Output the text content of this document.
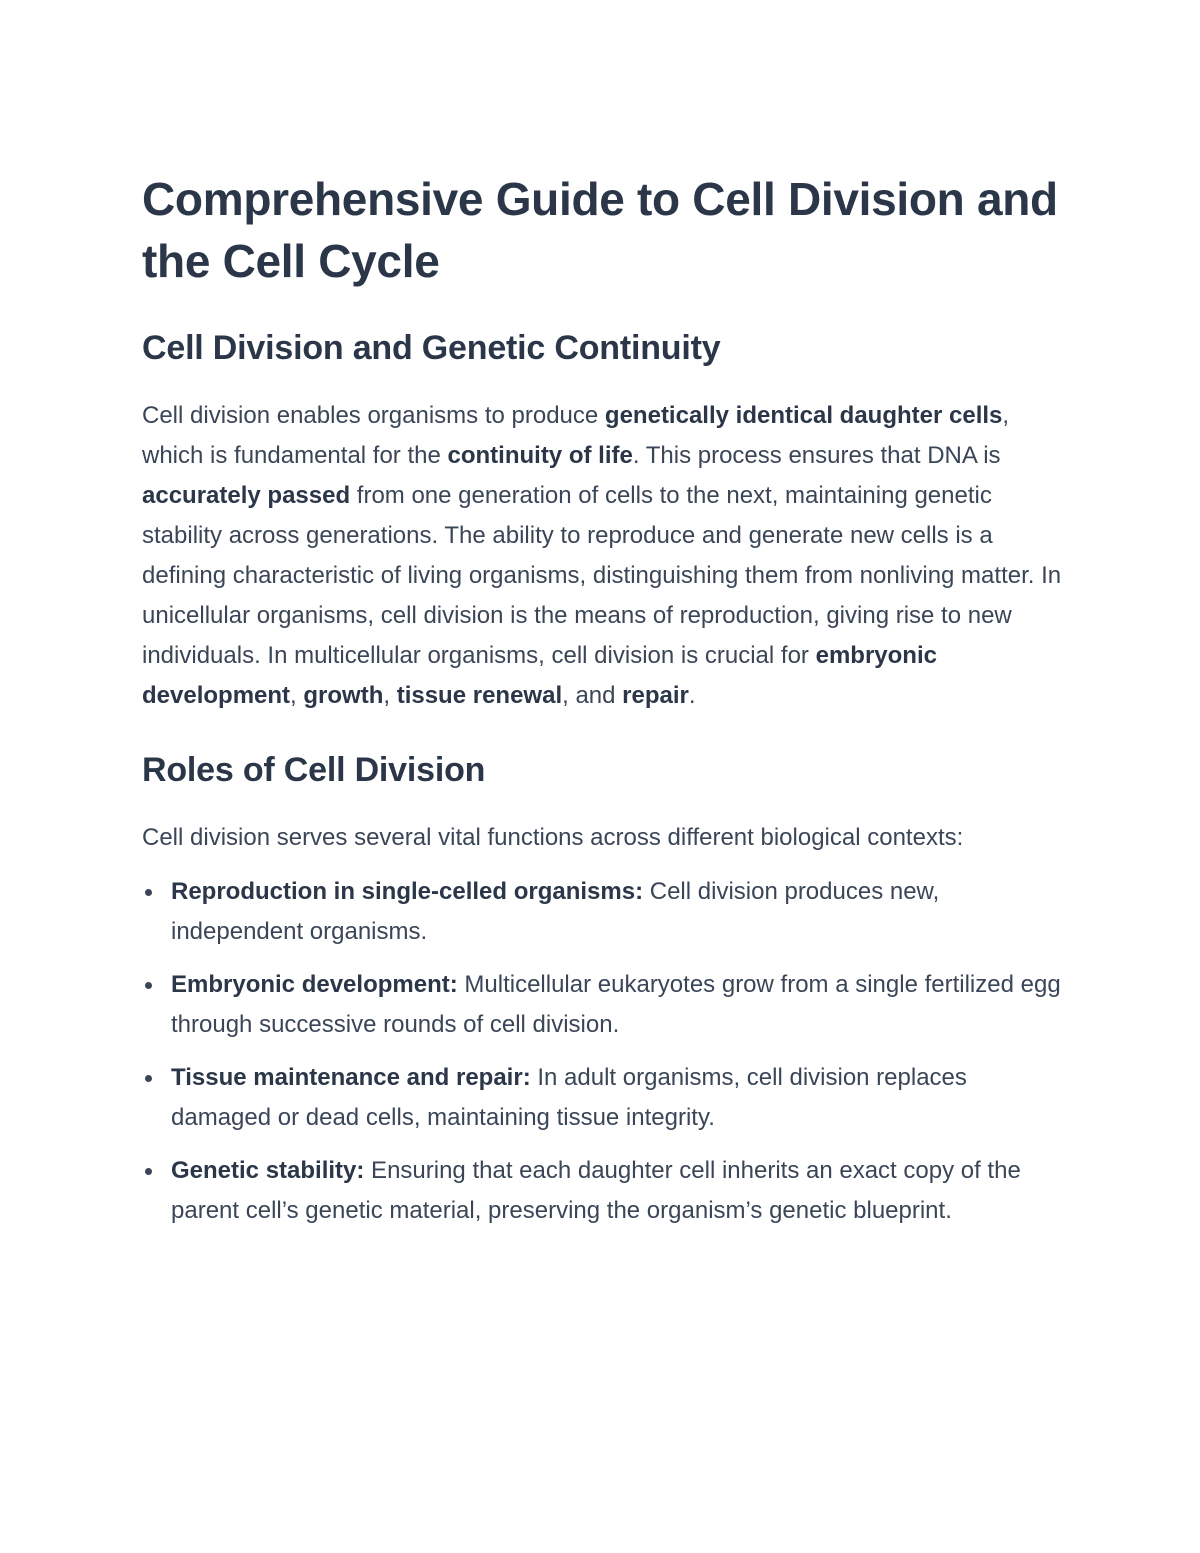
Comprehensive Guide to Cell Division and the Cell Cycle
Cell Division and Genetic Continuity

Cell division enables organisms to produce genetically identical daughter cells, which is fundamental for the continuity of life. This process ensures that DNA is accurately passed from one generation of cells to the next, maintaining genetic stability across generations. The ability to reproduce and generate new cells is a defining characteristic of living organisms, distinguishing them from nonliving matter. In unicellular organisms, cell division is the means of reproduction, giving rise to new individuals. In multicellular organisms, cell division is crucial for embryonic development, growth, tissue renewal, and repair.

Roles of Cell Division

Cell division serves several vital functions across different biological contexts:

Reproduction in single-celled organisms: Cell division produces new, independent organisms.
Embryonic development: Multicellular eukaryotes grow from a single fertilized egg through successive rounds of cell division.
Tissue maintenance and repair: In adult organisms, cell division replaces damaged or dead cells, maintaining tissue integrity.
Genetic stability: Ensuring that each daughter cell inherits an exact copy of the parent cell’s genetic material, preserving the organism’s genetic blueprint.
